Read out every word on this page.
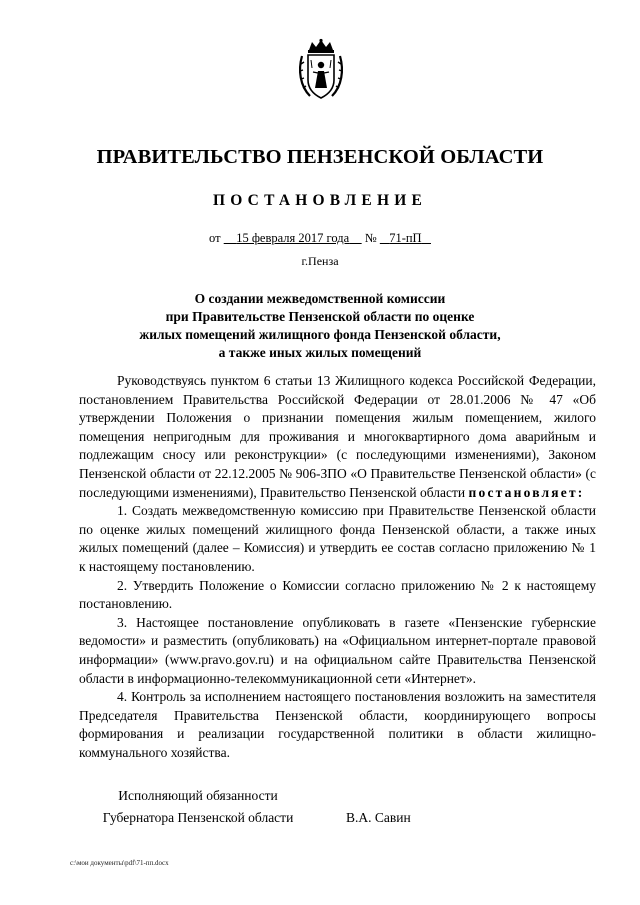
ПРАВИТЕЛЬСТВО ПЕНЗЕНСКОЙ ОБЛАСТИ
ПОСТАНОВЛЕНИЕ
от 15 февраля 2017 года № 71-пП
г.Пенза
О создании межведомственной комиссии
при Правительстве Пензенской области по оценке
жилых помещений жилищного фонда Пензенской области,
а также иных жилых помещений

Руководствуясь пунктом 6 статьи 13 Жилищного кодекса Российской Федерации, постановлением Правительства Российской Федерации от 28.01.2006 № 47 «Об утверждении Положения о признании помещения жилым помещением, жилого помещения непригодным для проживания и многоквартирного дома аварийным и подлежащим сносу или реконструкции» (с последующими изменениями), Законом Пензенской области от 22.12.2005 № 906-ЗПО «О Правительстве Пензенской области» (с последующими изменениями), Правительство Пензенской области постановляет:

1. Создать межведомственную комиссию при Правительстве Пензенской области по оценке жилых помещений жилищного фонда Пензенской области, а также иных жилых помещений (далее – Комиссия) и утвердить ее состав согласно приложению № 1 к настоящему постановлению.

2. Утвердить Положение о Комиссии согласно приложению № 2 к настоящему постановлению.

3. Настоящее постановление опубликовать в газете «Пензенские губернские ведомости» и разместить (опубликовать) на «Официальном интернет-портале правовой информации» (www.pravo.gov.ru) и на официальном сайте Правительства Пензенской области в информационно-телекоммуникационной сети «Интернет».

4. Контроль за исполнением настоящего постановления возложить на заместителя Председателя Правительства Пензенской области, координирующего вопросы формирования и реализации государственной политики в области жилищно-коммунального хозяйства.

Исполняющий обязанности
Губернатора Пензенской области	В.А. Савин
c:\мои документы\pdf\71-пп.docx
